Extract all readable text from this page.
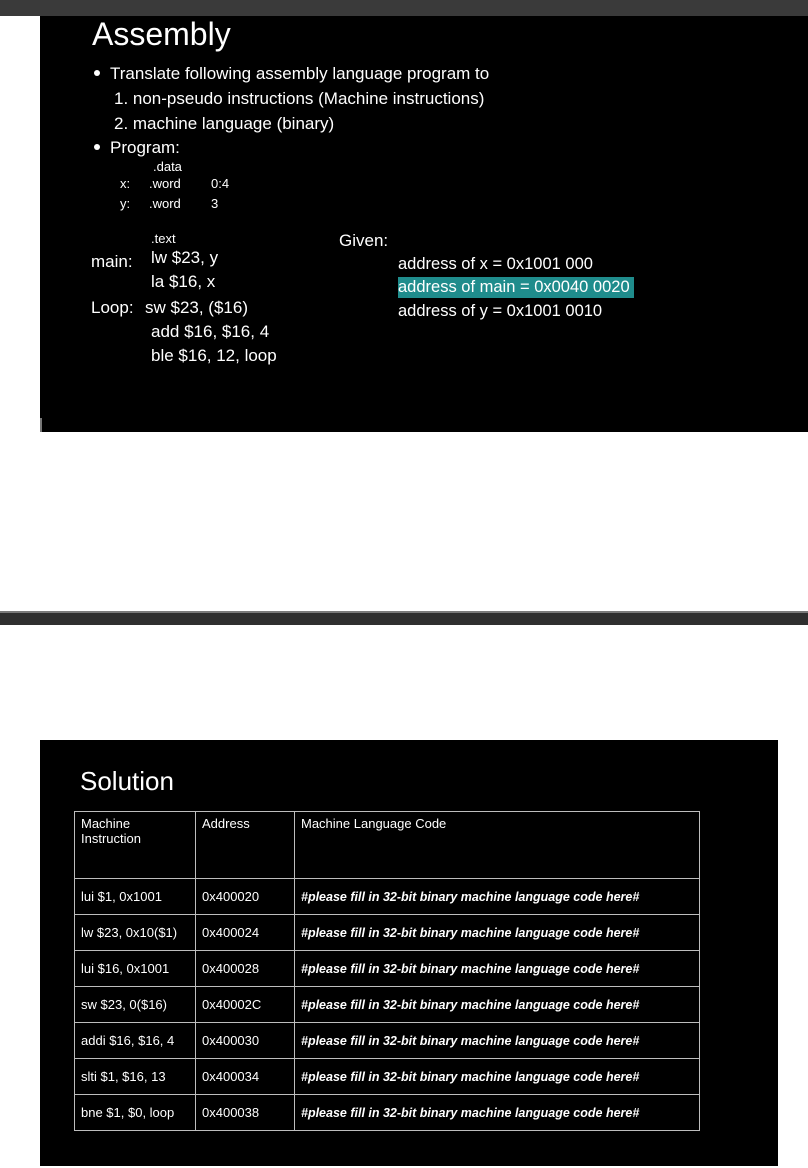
Assembly
Translate following assembly language program to
1. non-pseudo instructions (Machine instructions)
2. machine language (binary)
Program:
.data
x: .word 0:4
y: .word 3
.text
main: lw $23, y
la $16, x
Loop: sw $23, ($16)
add $16, $16, 4
ble $16, 12, loop
Given:
address of x = 0x1001 000
address of main = 0x0040 0020
address of y = 0x1001 0010
Solution
Machine Instruction	Address	Machine Language Code
lui $1, 0x1001	0x400020	#please fill in 32-bit binary machine language code here#
lw $23, 0x10($1)	0x400024	#please fill in 32-bit binary machine language code here#
lui $16, 0x1001	0x400028	#please fill in 32-bit binary machine language code here#
sw $23, 0($16)	0x40002C	#please fill in 32-bit binary machine language code here#
addi $16, $16, 4	0x400030	#please fill in 32-bit binary machine language code here#
slti $1, $16, 13	0x400034	#please fill in 32-bit binary machine language code here#
bne $1, $0, loop	0x400038	#please fill in 32-bit binary machine language code here#
